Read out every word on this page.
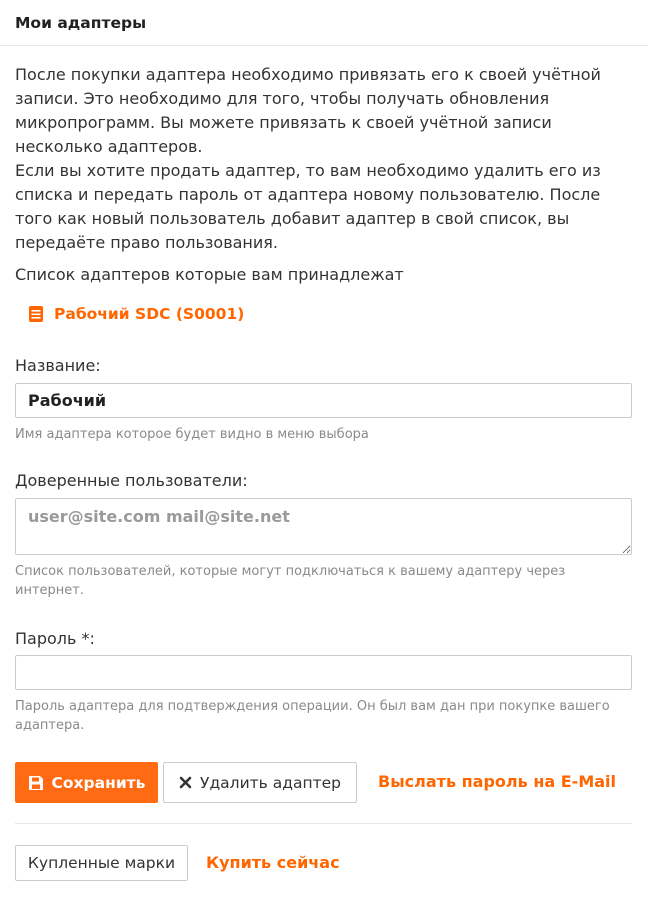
Мои адаптеры

После покупки адаптера необходимо привязать его к своей учётной записи. Это необходимо для того, чтобы получать обновления микропрограмм. Вы можете привязать к своей учётной записи несколько адаптеров.

Если вы хотите продать адаптер, то вам необходимо удалить его из списка и передать пароль от адаптера новому пользователю. После того как новый пользователь добавит адаптер в свой список, вы передаёте право пользования.

Список адаптеров которые вам принадлежат
Рабочий SDC (S0001)
Название:
Рабочий
Имя адаптера которое будет видно в меню выбора
Доверенные пользователи:
user@site.com mail@site.net
Список пользователей, которые могут подключаться к вашему адаптеру через интернет.
Пароль *:
Пароль адаптера для подтверждения операции. Он был вам дан при покупке вашего адаптера.
Сохранить	Удалить адаптер Выслать пароль на E-Mail
Купленные марки Купить сейчас
